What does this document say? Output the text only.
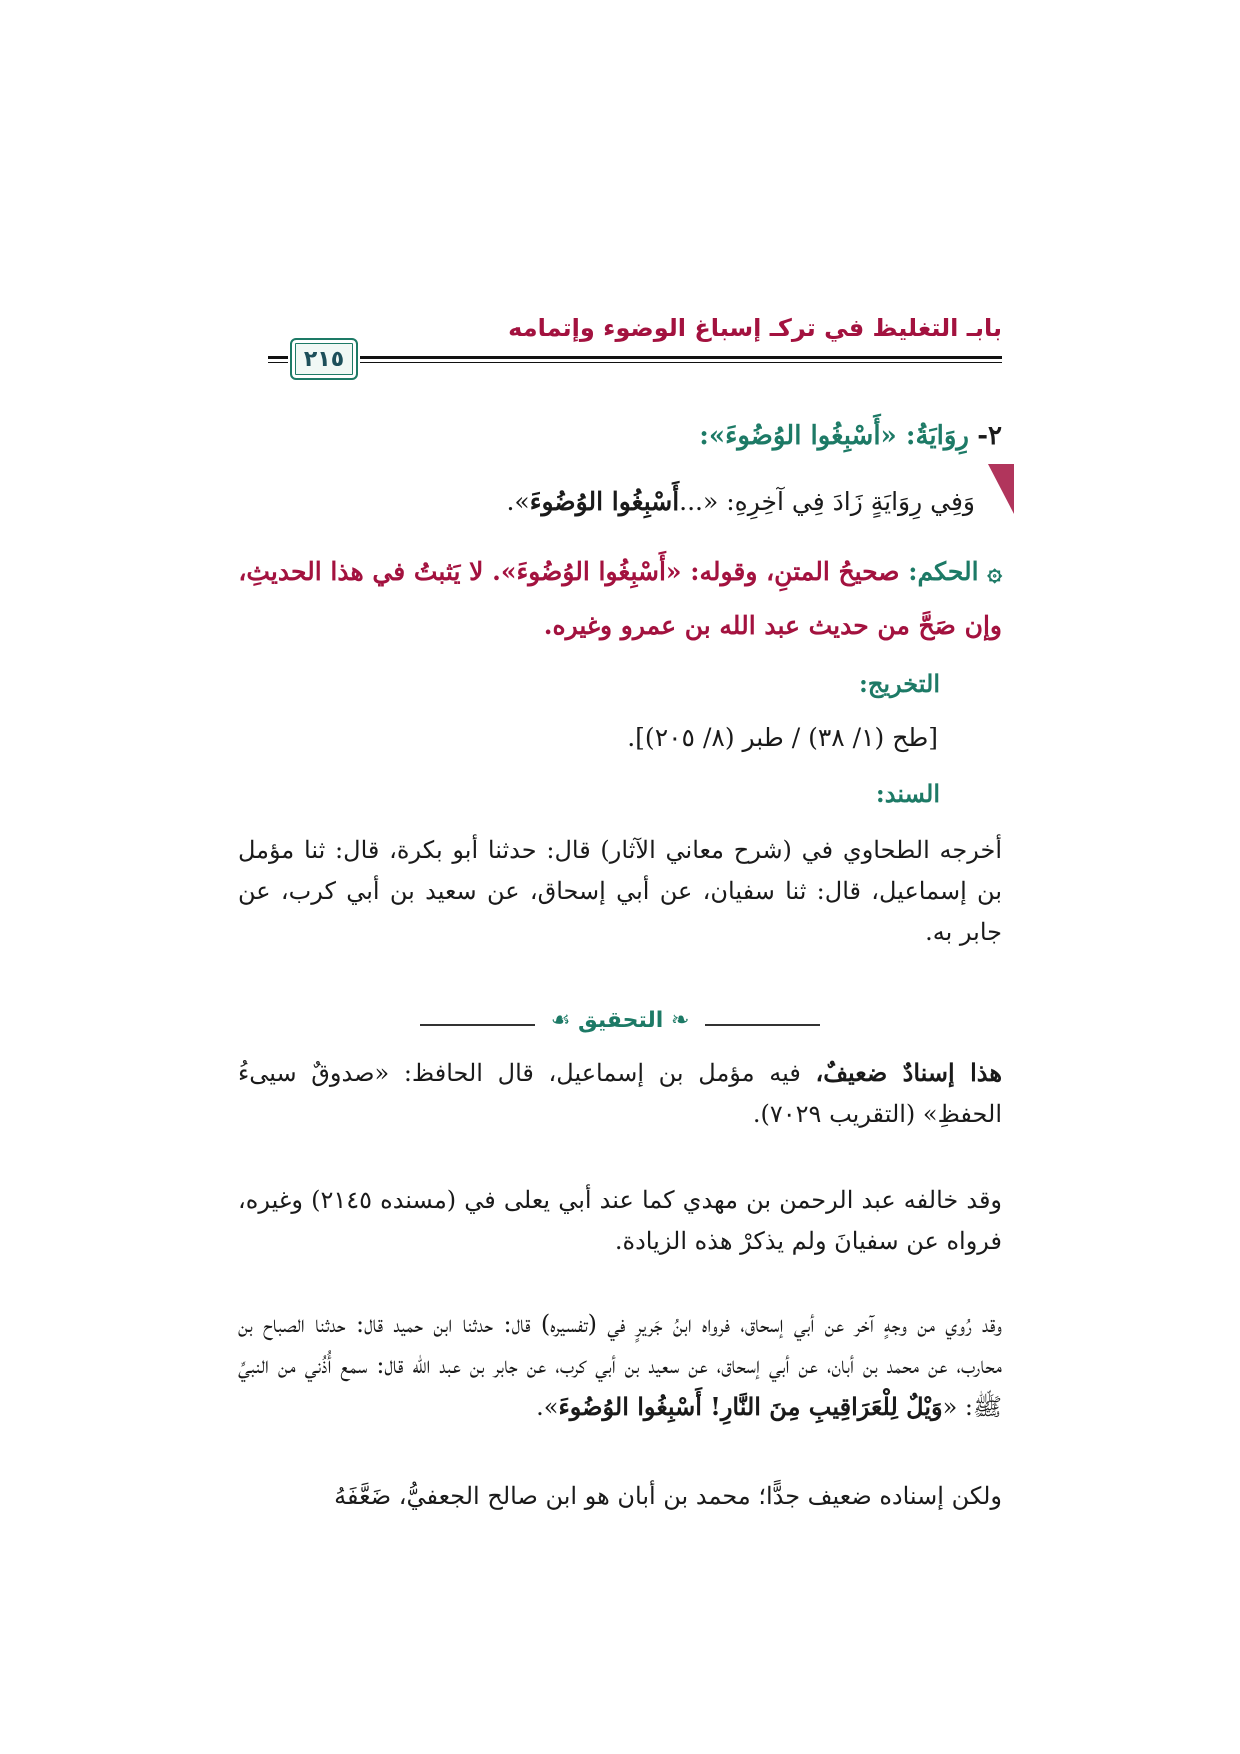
بابـ التغليظ في تركـ إسباغ الوضوء وإتمامه
٢١٥
٢- رِوَايَةُ: «أَسْبِغُوا الوُضُوءَ»:
وَفِي رِوَايَةٍ زَادَ فِي آخِرِهِ: «...أَسْبِغُوا الوُضُوءَ».
۞ الحكم: صحيحُ المتنِ، وقوله: «أَسْبِغُوا الوُضُوءَ». لا يَثبتُ في هذا الحديثِ،
وإن صَحَّ من حديث عبد الله بن عمرو وغيره.
التخريج:
[طح (١/ ٣٨) / طبر (٨/ ٢٠٥)].
السند:
أخرجه الطحاوي في (شرح معاني الآثار) قال: حدثنا أبو بكرة، قال: ثنا مؤمل بن إسماعيل، قال: ثنا سفيان، عن أبي إسحاق، عن سعيد بن أبي كرب، عن جابر به.
❧ التحقيق ☙
هذا إسنادٌ ضعيفٌ، فيه مؤمل بن إسماعيل، قال الحافظ: «صدوقٌ سيىءُ الحفظِ» (التقريب ٧٠٢٩).
وقد خالفه عبد الرحمن بن مهدي كما عند أبي يعلى في (مسنده ٢١٤٥) وغيره، فرواه عن سفيانَ ولم يذكرْ هذه الزيادة.
وقد رُوي من وجهٍ آخر عن أبي إسحاق، فرواه ابنُ جَريرٍ في (تفسيره) قال: حدثنا ابن حميد قال: حدثنا الصباح بن محارب، عن محمد بن أبان، عن أبي إسحاق، عن سعيد بن أبي كرب، عن جابر بن عبد الله قال: سمع أُذُني من النبيِّ ﷺ: «وَيْلٌ لِلْعَرَاقِيبِ مِنَ النَّارِ! أَسْبِغُوا الوُضُوءَ».
ولكن إسناده ضعيف جدًّا؛ محمد بن أبان هو ابن صالح الجعفيُّ، ضَعَّفَهُ
